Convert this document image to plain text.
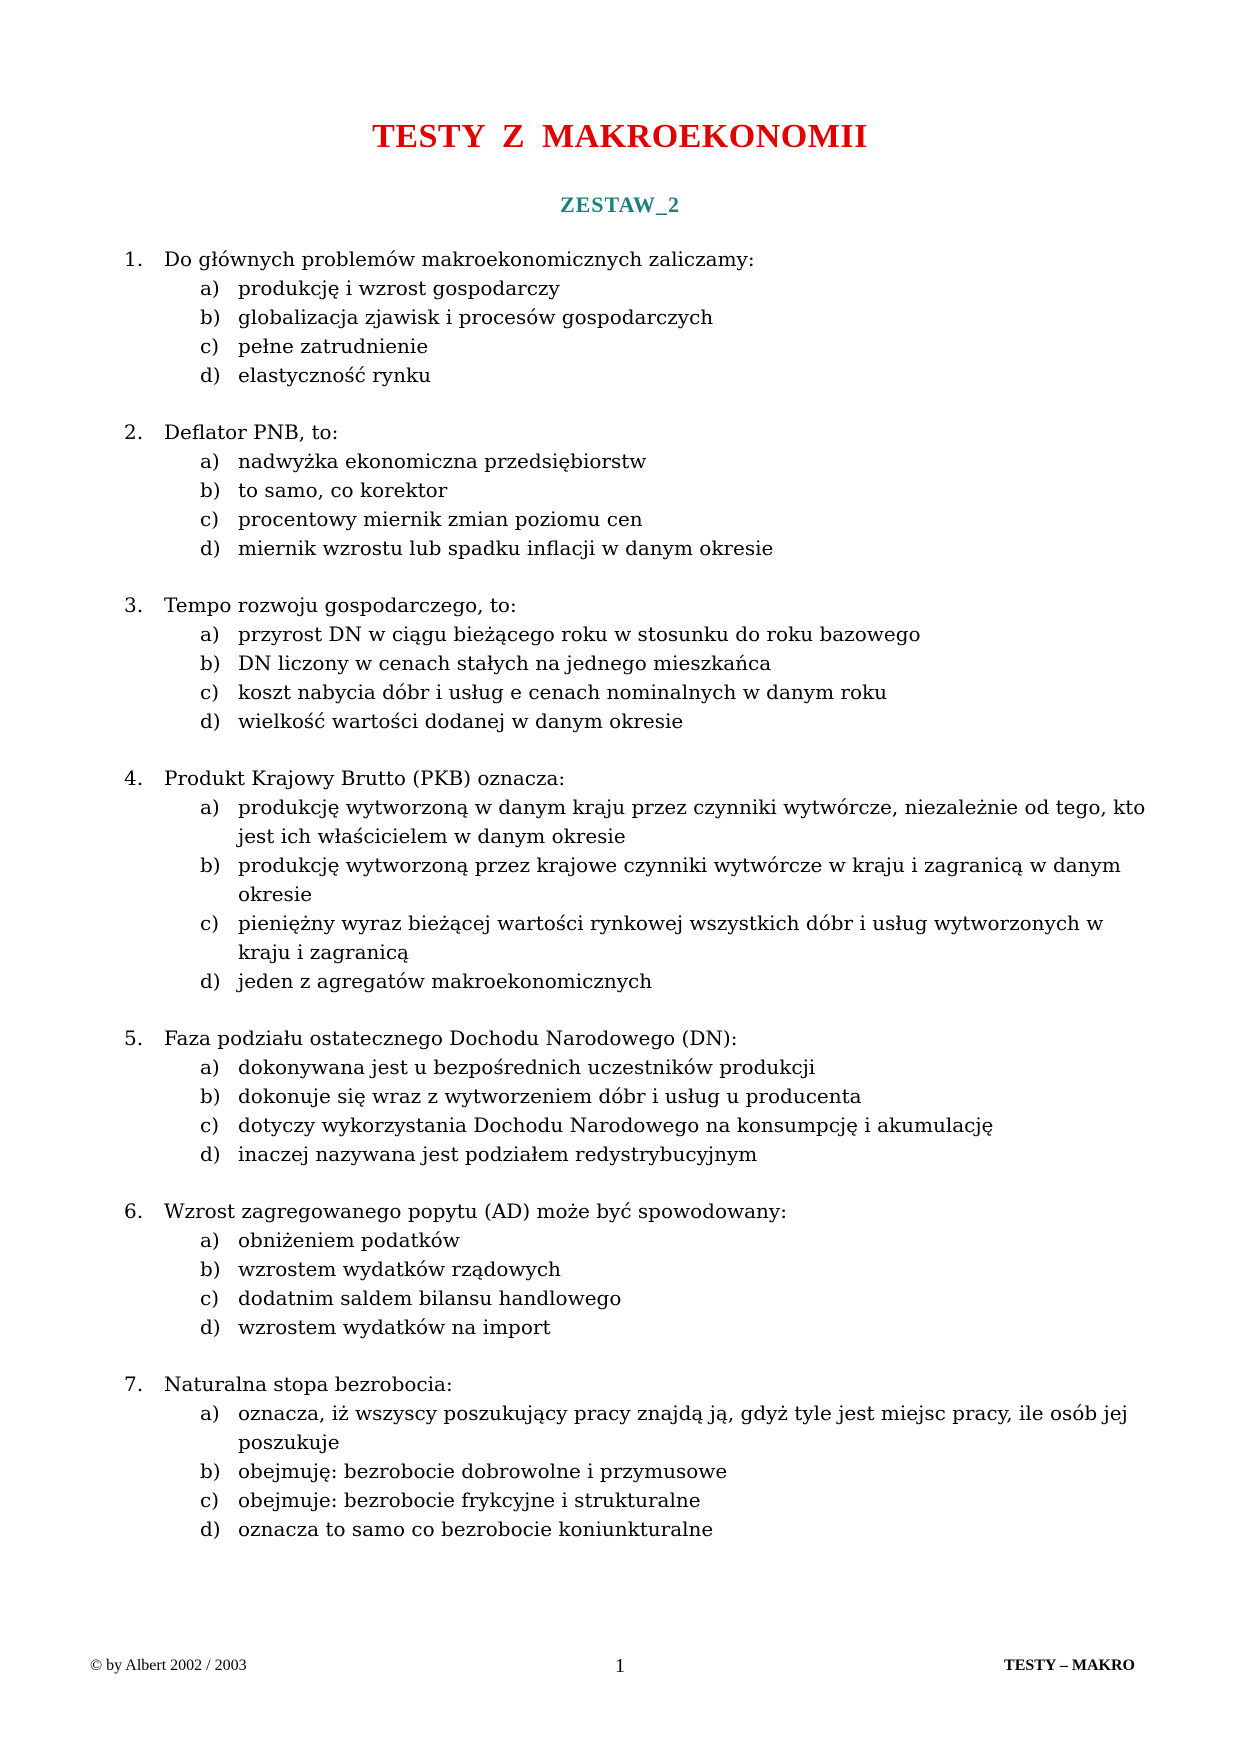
TESTY Z MAKROEKONOMII
ZESTAW_2
1. Do głównych problemów makroekonomicznych zaliczamy:
a) produkcję i wzrost gospodarczy
b) globalizacja zjawisk i procesów gospodarczych
c) pełne zatrudnienie
d) elastyczność rynku
2. Deflator PNB, to:
a) nadwyżka ekonomiczna przedsiębiorstw
b) to samo, co korektor
c) procentowy miernik zmian poziomu cen
d) miernik wzrostu lub spadku inflacji w danym okresie
3. Tempo rozwoju gospodarczego, to:
a) przyrost DN w ciągu bieżącego roku w stosunku do roku bazowego
b) DN liczony w cenach stałych na jednego mieszkańca
c) koszt nabycia dóbr i usług e cenach nominalnych w danym roku
d) wielkość wartości dodanej w danym okresie
4. Produkt Krajowy Brutto (PKB) oznacza:
a) produkcję wytworzoną w danym kraju przez czynniki wytwórcze, niezależnie od tego, kto jest ich właścicielem w danym okresie
b) produkcję wytworzoną przez krajowe czynniki wytwórcze w kraju i zagranicą w danym okresie
c) pieniężny wyraz bieżącej wartości rynkowej wszystkich dóbr i usług wytworzonych w kraju i zagranicą
d) jeden z agregatów makroekonomicznych
5. Faza podziału ostatecznego Dochodu Narodowego (DN):
a) dokonywana jest u bezpośrednich uczestników produkcji
b) dokonuje się wraz z wytworzeniem dóbr i usług u producenta
c) dotyczy wykorzystania Dochodu Narodowego na konsumpcję i akumulację
d) inaczej nazywana jest podziałem redystrybucyjnym
6. Wzrost zagregowanego popytu (AD) może być spowodowany:
a) obniżeniem podatków
b) wzrostem wydatków rządowych
c) dodatnim saldem bilansu handlowego
d) wzrostem wydatków na import
7. Naturalna stopa bezrobocia:
a) oznacza, iż wszyscy poszukujący pracy znajdą ją, gdyż tyle jest miejsc pracy, ile osób jej poszukuje
b) obejmuję: bezrobocie dobrowolne i przymusowe
c) obejmuje: bezrobocie frykcyjne i strukturalne
d) oznacza to samo co bezrobocie koniunkturalne
© by Albert 2002 / 2003	1	TESTY – MAKRO
